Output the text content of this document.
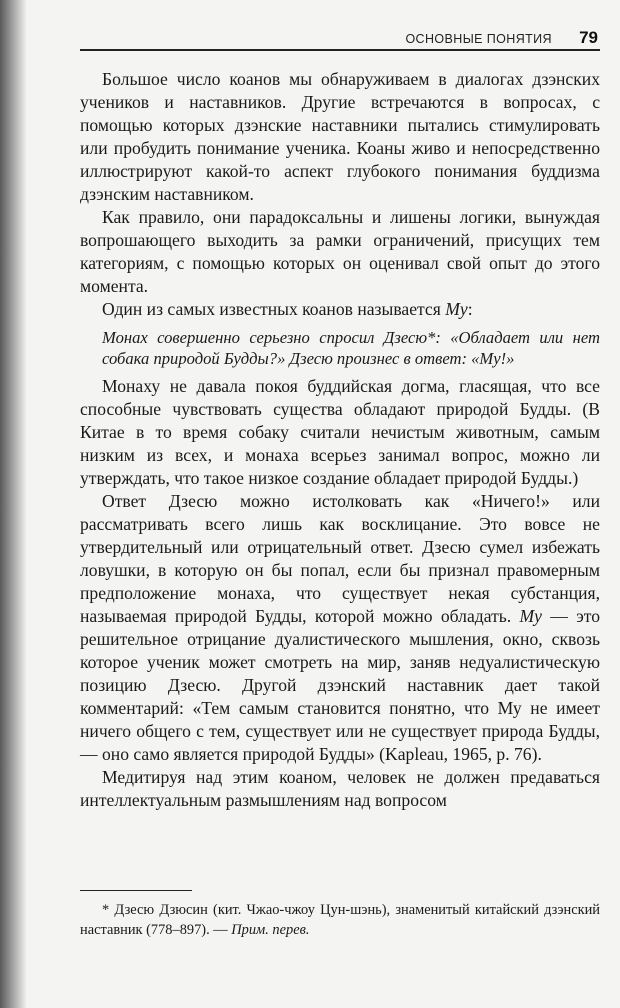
ОСНОВНЫЕ ПОНЯТИЯ 79

Большое число коанов мы обнаруживаем в диалогах дзэнских учеников и наставников. Другие встречаются в вопросах, с помощью которых дзэнские наставники пытались стимулировать или пробудить понимание ученика. Коаны живо и непосредственно иллюстрируют какой-то аспект глубокого понимания буддизма дзэнским наставником.

Как правило, они парадоксальны и лишены логики, вынуждая вопрошающего выходить за рамки ограничений, присущих тем категориям, с помощью которых он оценивал свой опыт до этого момента.

Один из самых известных коанов называется Му:

Монах совершенно серьезно спросил Дзесю*: «Обладает или нет собака природой Будды?» Дзесю произнес в ответ: «Му!»

Монаху не давала покоя буддийская догма, гласящая, что все способные чувствовать существа обладают природой Будды. (В Китае в то время собаку считали нечистым животным, самым низким из всех, и монаха всерьез занимал вопрос, можно ли утверждать, что такое низкое создание обладает природой Будды.)

Ответ Дзесю можно истолковать как «Ничего!» или рассматривать всего лишь как восклицание. Это вовсе не утвердительный или отрицательный ответ. Дзесю сумел избежать ловушки, в которую он бы попал, если бы признал правомерным предположение монаха, что существует некая субстанция, называемая природой Будды, которой можно обладать. Му — это решительное отрицание дуалистического мышления, окно, сквозь которое ученик может смотреть на мир, заняв недуалистическую позицию Дзесю. Другой дзэнский наставник дает такой комментарий: «Тем самым становится понятно, что Му не имеет ничего общего с тем, существует или не существует природа Будды, — оно само является природой Будды» (Kapleau, 1965, p. 76).

Медитируя над этим коаном, человек не должен предаваться интеллектуальным размышлениям над вопросом

* Дзесю Дзюсин (кит. Чжао-чжоу Цун-шэнь), знаменитый китайский дзэнский наставник (778–897). — Прим. перев.
